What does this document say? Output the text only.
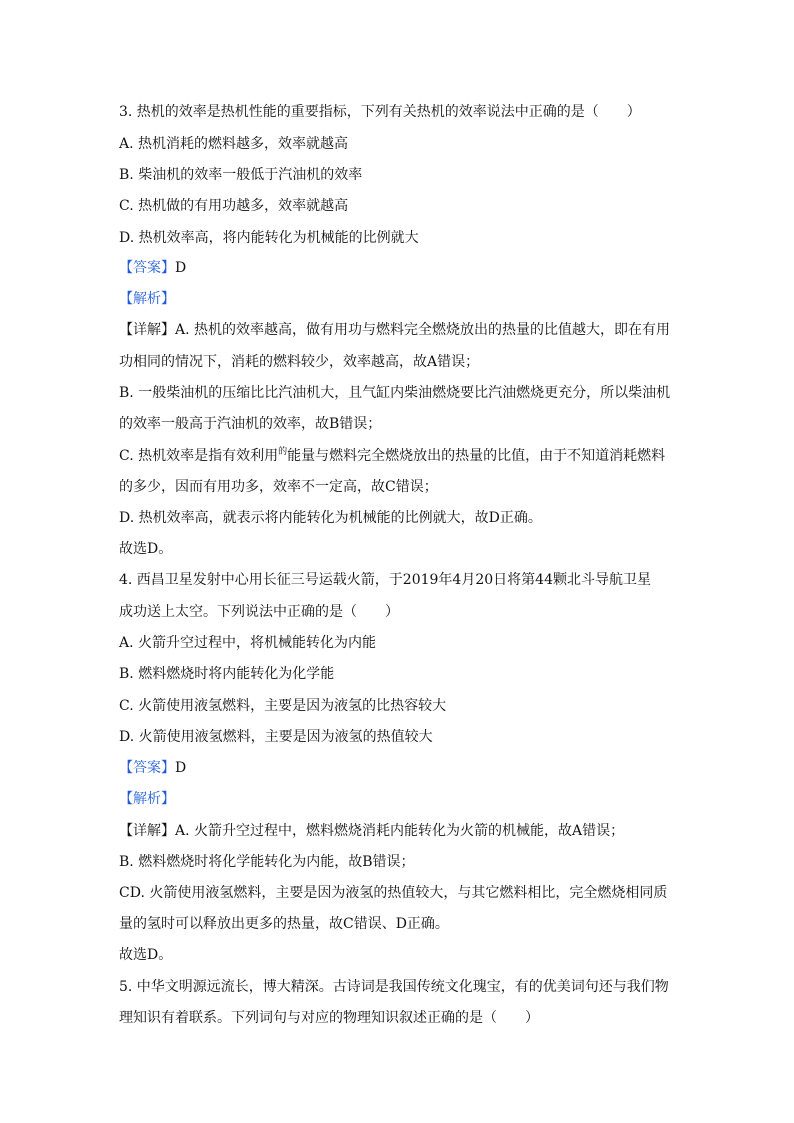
3. 热机的效率是热机性能的重要指标，下列有关热机的效率说法中正确的是（　　）
A. 热机消耗的燃料越多，效率就越高
B. 柴油机的效率一般低于汽油机的效率
C. 热机做的有用功越多，效率就越高
D. 热机效率高，将内能转化为机械能的比例就大
【答案】D
【解析】
【详解】A. 热机的效率越高，做有用功与燃料完全燃烧放出的热量的比值越大，即在有用
功相同的情况下，消耗的燃料较少，效率越高，故A错误；
B. 一般柴油机的压缩比比汽油机大，且气缸内柴油燃烧要比汽油燃烧更充分，所以柴油机
的效率一般高于汽油机的效率，故B错误；
C. 热机效率是指有效利用$^的$能量与燃料完全燃烧放出的热量的比值，由于不知道消耗燃料
的多少，因而有用功多，效率不一定高，故C错误；
D. 热机效率高，就表示将内能转化为机械能的比例就大，故D正确。
故选D。
4. 西昌卫星发射中心用长征三号运载火箭，于2019年4月20日将第44颗北斗导航卫星
成功送上太空。下列说法中正确的是（　　）
A. 火箭升空过程中，将机械能转化为内能
B. 燃料燃烧时将内能转化为化学能
C. 火箭使用液氢燃料，主要是因为液氢的比热容较大
D. 火箭使用液氢燃料，主要是因为液氢的热值较大
【答案】D
【解析】
【详解】A. 火箭升空过程中，燃料燃烧消耗内能转化为火箭的机械能，故A错误；
B. 燃料燃烧时将化学能转化为内能，故B错误；
CD. 火箭使用液氢燃料，主要是因为液氢的热值较大，与其它燃料相比，完全燃烧相同质
量的氢时可以释放出更多的热量，故C错误、D正确。
故选D。
5. 中华文明源远流长，博大精深。古诗词是我国传统文化瑰宝，有的优美词句还与我们物
理知识有着联系。下列词句与对应的物理知识叙述正确的是（　　）
